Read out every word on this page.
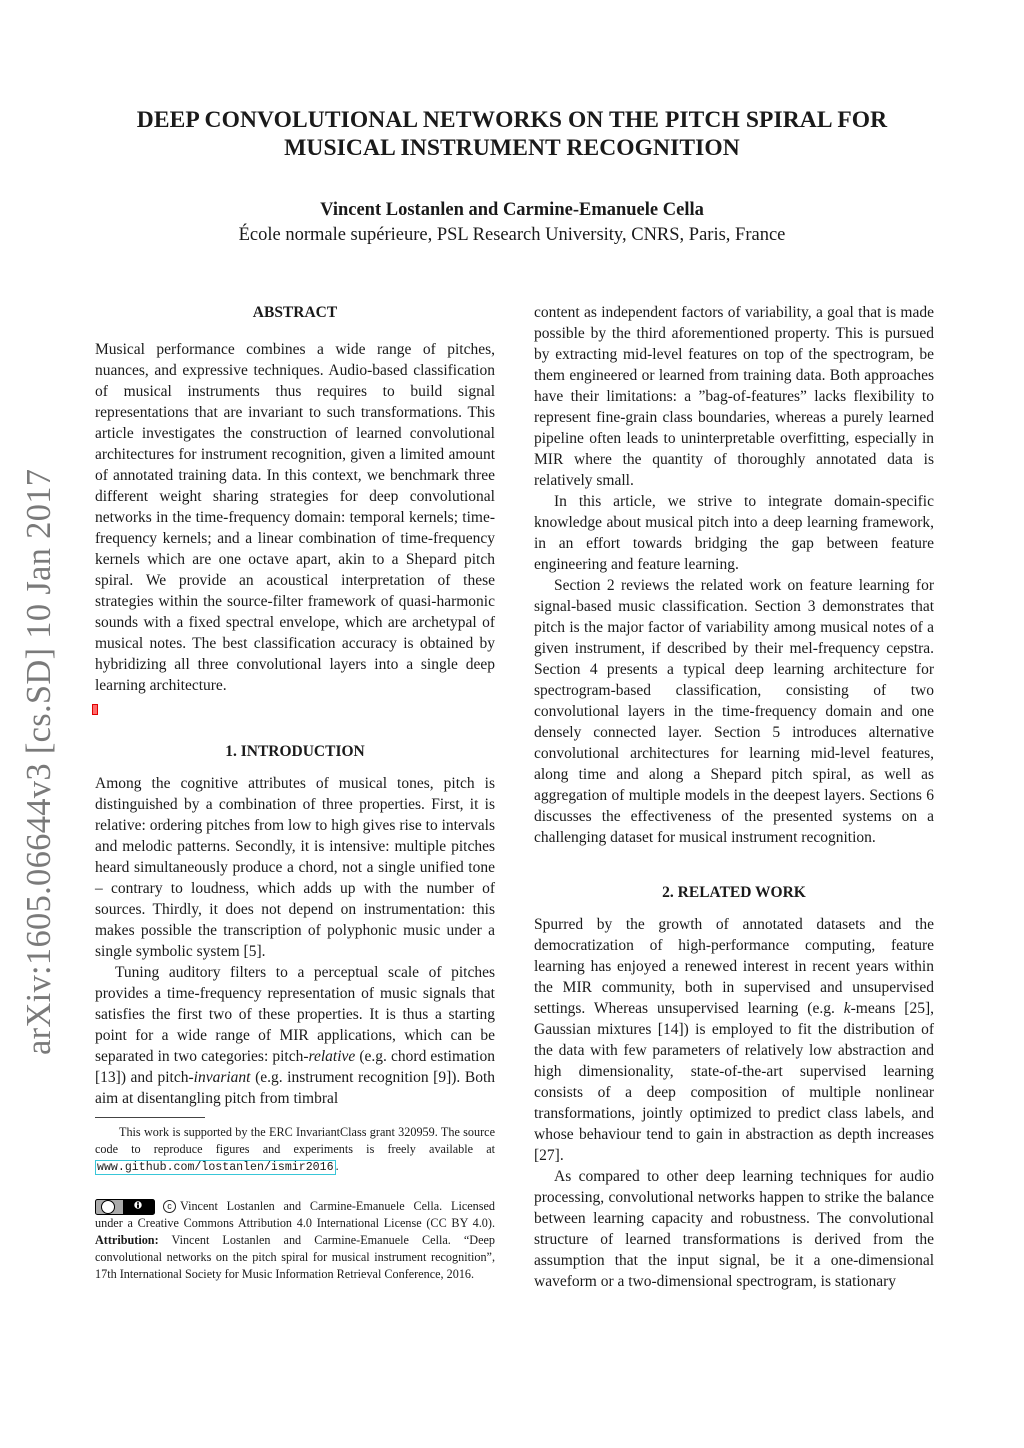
DEEP CONVOLUTIONAL NETWORKS ON THE PITCH SPIRAL FOR
MUSICAL INSTRUMENT RECOGNITION
Vincent Lostanlen and Carmine-Emanuele Cella
École normale supérieure, PSL Research University, CNRS, Paris, France
arXiv:1605.06644v3 [cs.SD] 10 Jan 2017
ABSTRACT

Musical performance combines a wide range of pitches, nuances, and expressive techniques. Audio-based classification of musical instruments thus requires to build signal representations that are invariant to such transformations. This article investigates the construction of learned convolutional architectures for instrument recognition, given a limited amount of annotated training data. In this context, we benchmark three different weight sharing strategies for deep convolutional networks in the time-frequency domain: temporal kernels; time-frequency kernels; and a linear combination of time-frequency kernels which are one octave apart, akin to a Shepard pitch spiral. We provide an acoustical interpretation of these strategies within the source-filter framework of quasi-harmonic sounds with a fixed spectral envelope, which are archetypal of musical notes. The best classification accuracy is obtained by hybridizing all three convolutional layers into a single deep learning architecture.

1. INTRODUCTION

Among the cognitive attributes of musical tones, pitch is distinguished by a combination of three properties. First, it is relative: ordering pitches from low to high gives rise to intervals and melodic patterns. Secondly, it is intensive: multiple pitches heard simultaneously produce a chord, not a single unified tone – contrary to loudness, which adds up with the number of sources. Thirdly, it does not depend on instrumentation: this makes possible the transcription of polyphonic music under a single symbolic system [5].

Tuning auditory filters to a perceptual scale of pitches provides a time-frequency representation of music signals that satisfies the first two of these properties. It is thus a starting point for a wide range of MIR applications, which can be separated in two categories: pitch-relative (e.g. chord estimation [13]) and pitch-invariant (e.g. instrument recognition [9]). Both aim at disentangling pitch from timbral

This work is supported by the ERC InvariantClass grant 320959. The source code to reproduce figures and experiments is freely available at www.github.com/lostanlen/ismir2016 .

c Vincent Lostanlen and Carmine-Emanuele Cella. Licensed under a Creative Commons Attribution 4.0 International License (CC BY 4.0). Attribution: Vincent Lostanlen and Carmine-Emanuele Cella. “Deep convolutional networks on the pitch spiral for musical instrument recognition”, 17th International Society for Music Information Retrieval Conference, 2016.

content as independent factors of variability, a goal that is made possible by the third aforementioned property. This is pursued by extracting mid-level features on top of the spectrogram, be them engineered or learned from training data. Both approaches have their limitations: a ”bag-of-features” lacks flexibility to represent fine-grain class boundaries, whereas a purely learned pipeline often leads to uninterpretable overfitting, especially in MIR where the quantity of thoroughly annotated data is relatively small.

In this article, we strive to integrate domain-specific knowledge about musical pitch into a deep learning framework, in an effort towards bridging the gap between feature engineering and feature learning.

Section 2 reviews the related work on feature learning for signal-based music classification. Section 3 demonstrates that pitch is the major factor of variability among musical notes of a given instrument, if described by their mel-frequency cepstra. Section 4 presents a typical deep learning architecture for spectrogram-based classification, consisting of two convolutional layers in the time-frequency domain and one densely connected layer. Section 5 introduces alternative convolutional architectures for learning mid-level features, along time and along a Shepard pitch spiral, as well as aggregation of multiple models in the deepest layers. Sections 6 discusses the effectiveness of the presented systems on a challenging dataset for musical instrument recognition.

2. RELATED WORK

Spurred by the growth of annotated datasets and the democratization of high-performance computing, feature learning has enjoyed a renewed interest in recent years within the MIR community, both in supervised and unsupervised settings. Whereas unsupervised learning (e.g. k-means [25], Gaussian mixtures [14]) is employed to fit the distribution of the data with few parameters of relatively low abstraction and high dimensionality, state-of-the-art supervised learning consists of a deep composition of multiple nonlinear transformations, jointly optimized to predict class labels, and whose behaviour tend to gain in abstraction as depth increases [27].

As compared to other deep learning techniques for audio processing, convolutional networks happen to strike the balance between learning capacity and robustness. The convolutional structure of learned transformations is derived from the assumption that the input signal, be it a one-dimensional waveform or a two-dimensional spectrogram, is stationary
